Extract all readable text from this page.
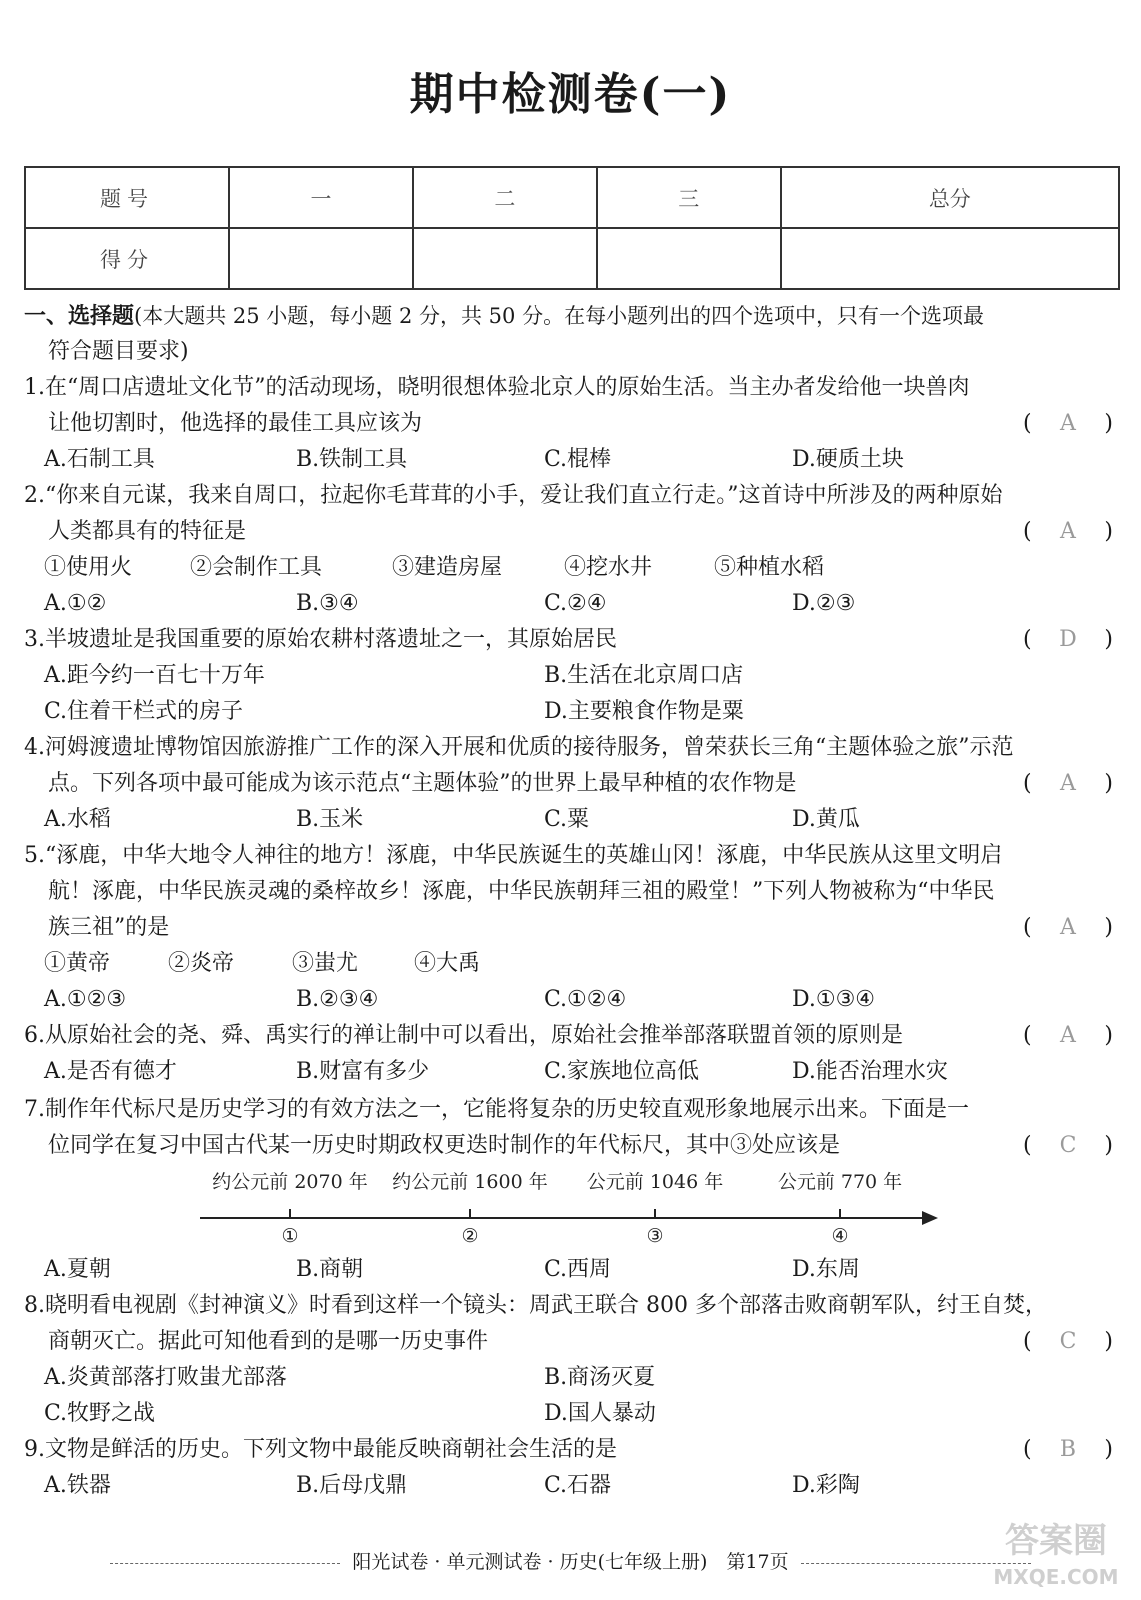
期中检测卷(一)
题号	一	二	三	总分
得分				
一、选择题(本大题共 25 小题，每小题 2 分，共 50 分。在每小题列出的四个选项中，只有一个选项最
符合题目要求)
1.在“周口店遗址文化节”的活动现场，晓明很想体验北京人的原始生活。当主办者发给他一块兽肉
让他切割时，他选择的最佳工具应该为	( A )
A.石制工具	B.铁制工具	C.棍棒	D.硬质土块
2.“你来自元谋，我来自周口，拉起你毛茸茸的小手，爱让我们直立行走。”这首诗中所涉及的两种原始
人类都具有的特征是	( A )
①使用火	②会制作工具	③建造房屋	④挖水井	⑤种植水稻
A.①②	B.③④	C.②④	D.②③
3.半坡遗址是我国重要的原始农耕村落遗址之一，其原始居民	( D )
A.距今约一百七十万年	B.生活在北京周口店
C.住着干栏式的房子	D.主要粮食作物是粟
4.河姆渡遗址博物馆因旅游推广工作的深入开展和优质的接待服务，曾荣获长三角“主题体验之旅”示范
点。下列各项中最可能成为该示范点“主题体验”的世界上最早种植的农作物是	( A )
A.水稻	B.玉米	C.粟	D.黄瓜
5.“涿鹿，中华大地令人神往的地方！涿鹿，中华民族诞生的英雄山冈！涿鹿，中华民族从这里文明启
航！涿鹿，中华民族灵魂的桑梓故乡！涿鹿，中华民族朝拜三祖的殿堂！”下列人物被称为“中华民
族三祖”的是	( A )
①黄帝	②炎帝	③蚩尤	④大禹
A.①②③	B.②③④	C.①②④	D.①③④
6.从原始社会的尧、舜、禹实行的禅让制中可以看出，原始社会推举部落联盟首领的原则是	( A )
A.是否有德才	B.财富有多少	C.家族地位高低	D.能否治理水灾
7.制作年代标尺是历史学习的有效方法之一，它能将复杂的历史较直观形象地展示出来。下面是一
位同学在复习中国古代某一历史时期政权更迭时制作的年代标尺，其中③处应该是	( C )
约公元前 2070 年 约公元前 1600 年 公元前 1046 年	公元前 770 年
①	②	③	④
A.夏朝	B.商朝	C.西周	D.东周
8.晓明看电视剧《封神演义》时看到这样一个镜头：周武王联合 800 多个部落击败商朝军队，纣王自焚，
商朝灭亡。据此可知他看到的是哪一历史事件	( C )
A.炎黄部落打败蚩尤部落	B.商汤灭夏
C.牧野之战	D.国人暴动
9.文物是鲜活的历史。下列文物中最能反映商朝社会生活的是	( B )
A.铁器	B.后母戊鼎	C.石器	D.彩陶
阳光试卷 · 单元测试卷 · 历史(七年级上册)　第17页
答案圈
MXQE.COM
